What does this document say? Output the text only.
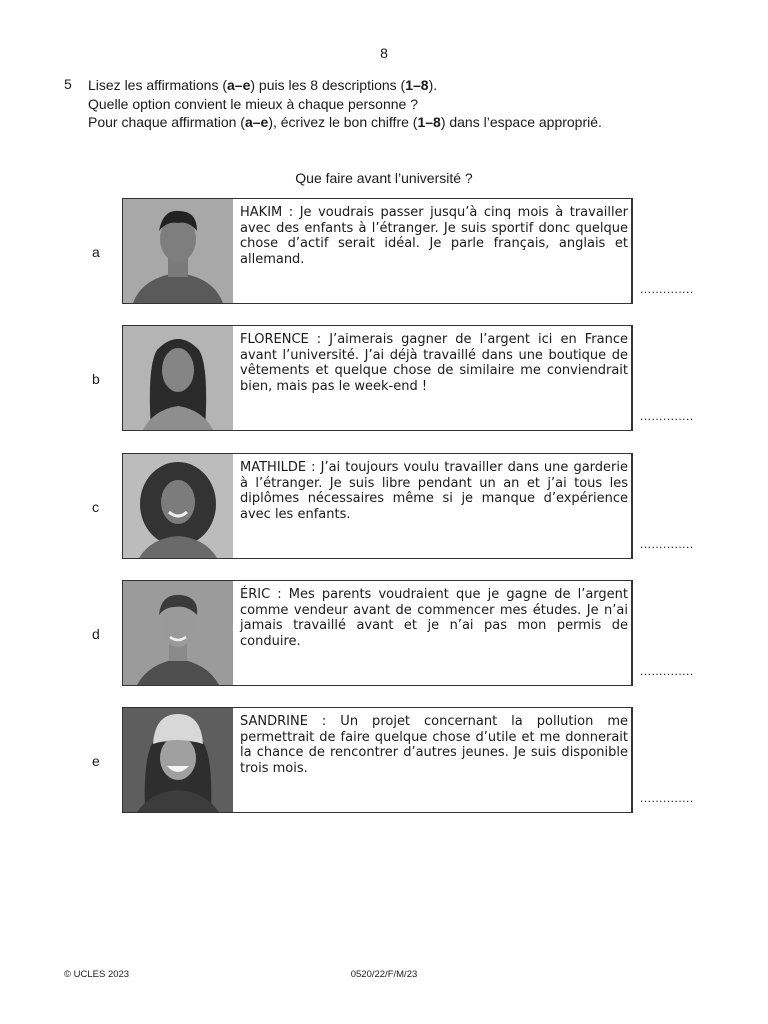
8
5 Lisez les affirmations (a–e) puis les 8 descriptions (1–8).
Quelle option convient le mieux à chaque personne ?
Pour chaque affirmation (a–e), écrivez le bon chiffre (1–8) dans l’espace approprié.
Que faire avant l’université ?
a
HAKIM : Je voudrais passer jusqu’à cinq mois à travailler avec des enfants à l’étranger. Je suis sportif donc quelque chose d’actif serait idéal. Je parle français, anglais et allemand.
..............
b
FLORENCE : J’aimerais gagner de l’argent ici en France avant l’université. J’ai déjà travaillé dans une boutique de vêtements et quelque chose de similaire me conviendrait bien, mais pas le week-end !
..............
c
MATHILDE : J’ai toujours voulu travailler dans une garderie à l’étranger. Je suis libre pendant un an et j’ai tous les diplômes nécessaires même si je manque d’expérience avec les enfants.
..............
d
ÉRIC : Mes parents voudraient que je gagne de l’argent comme vendeur avant de commencer mes études. Je n’ai jamais travaillé avant et je n’ai pas mon permis de conduire.
..............
e
SANDRINE : Un projet concernant la pollution me permettrait de faire quelque chose d’utile et me donnerait la chance de rencontrer d’autres jeunes. Je suis disponible trois mois.
..............
© UCLES 2023	0520/22/F/M/23
